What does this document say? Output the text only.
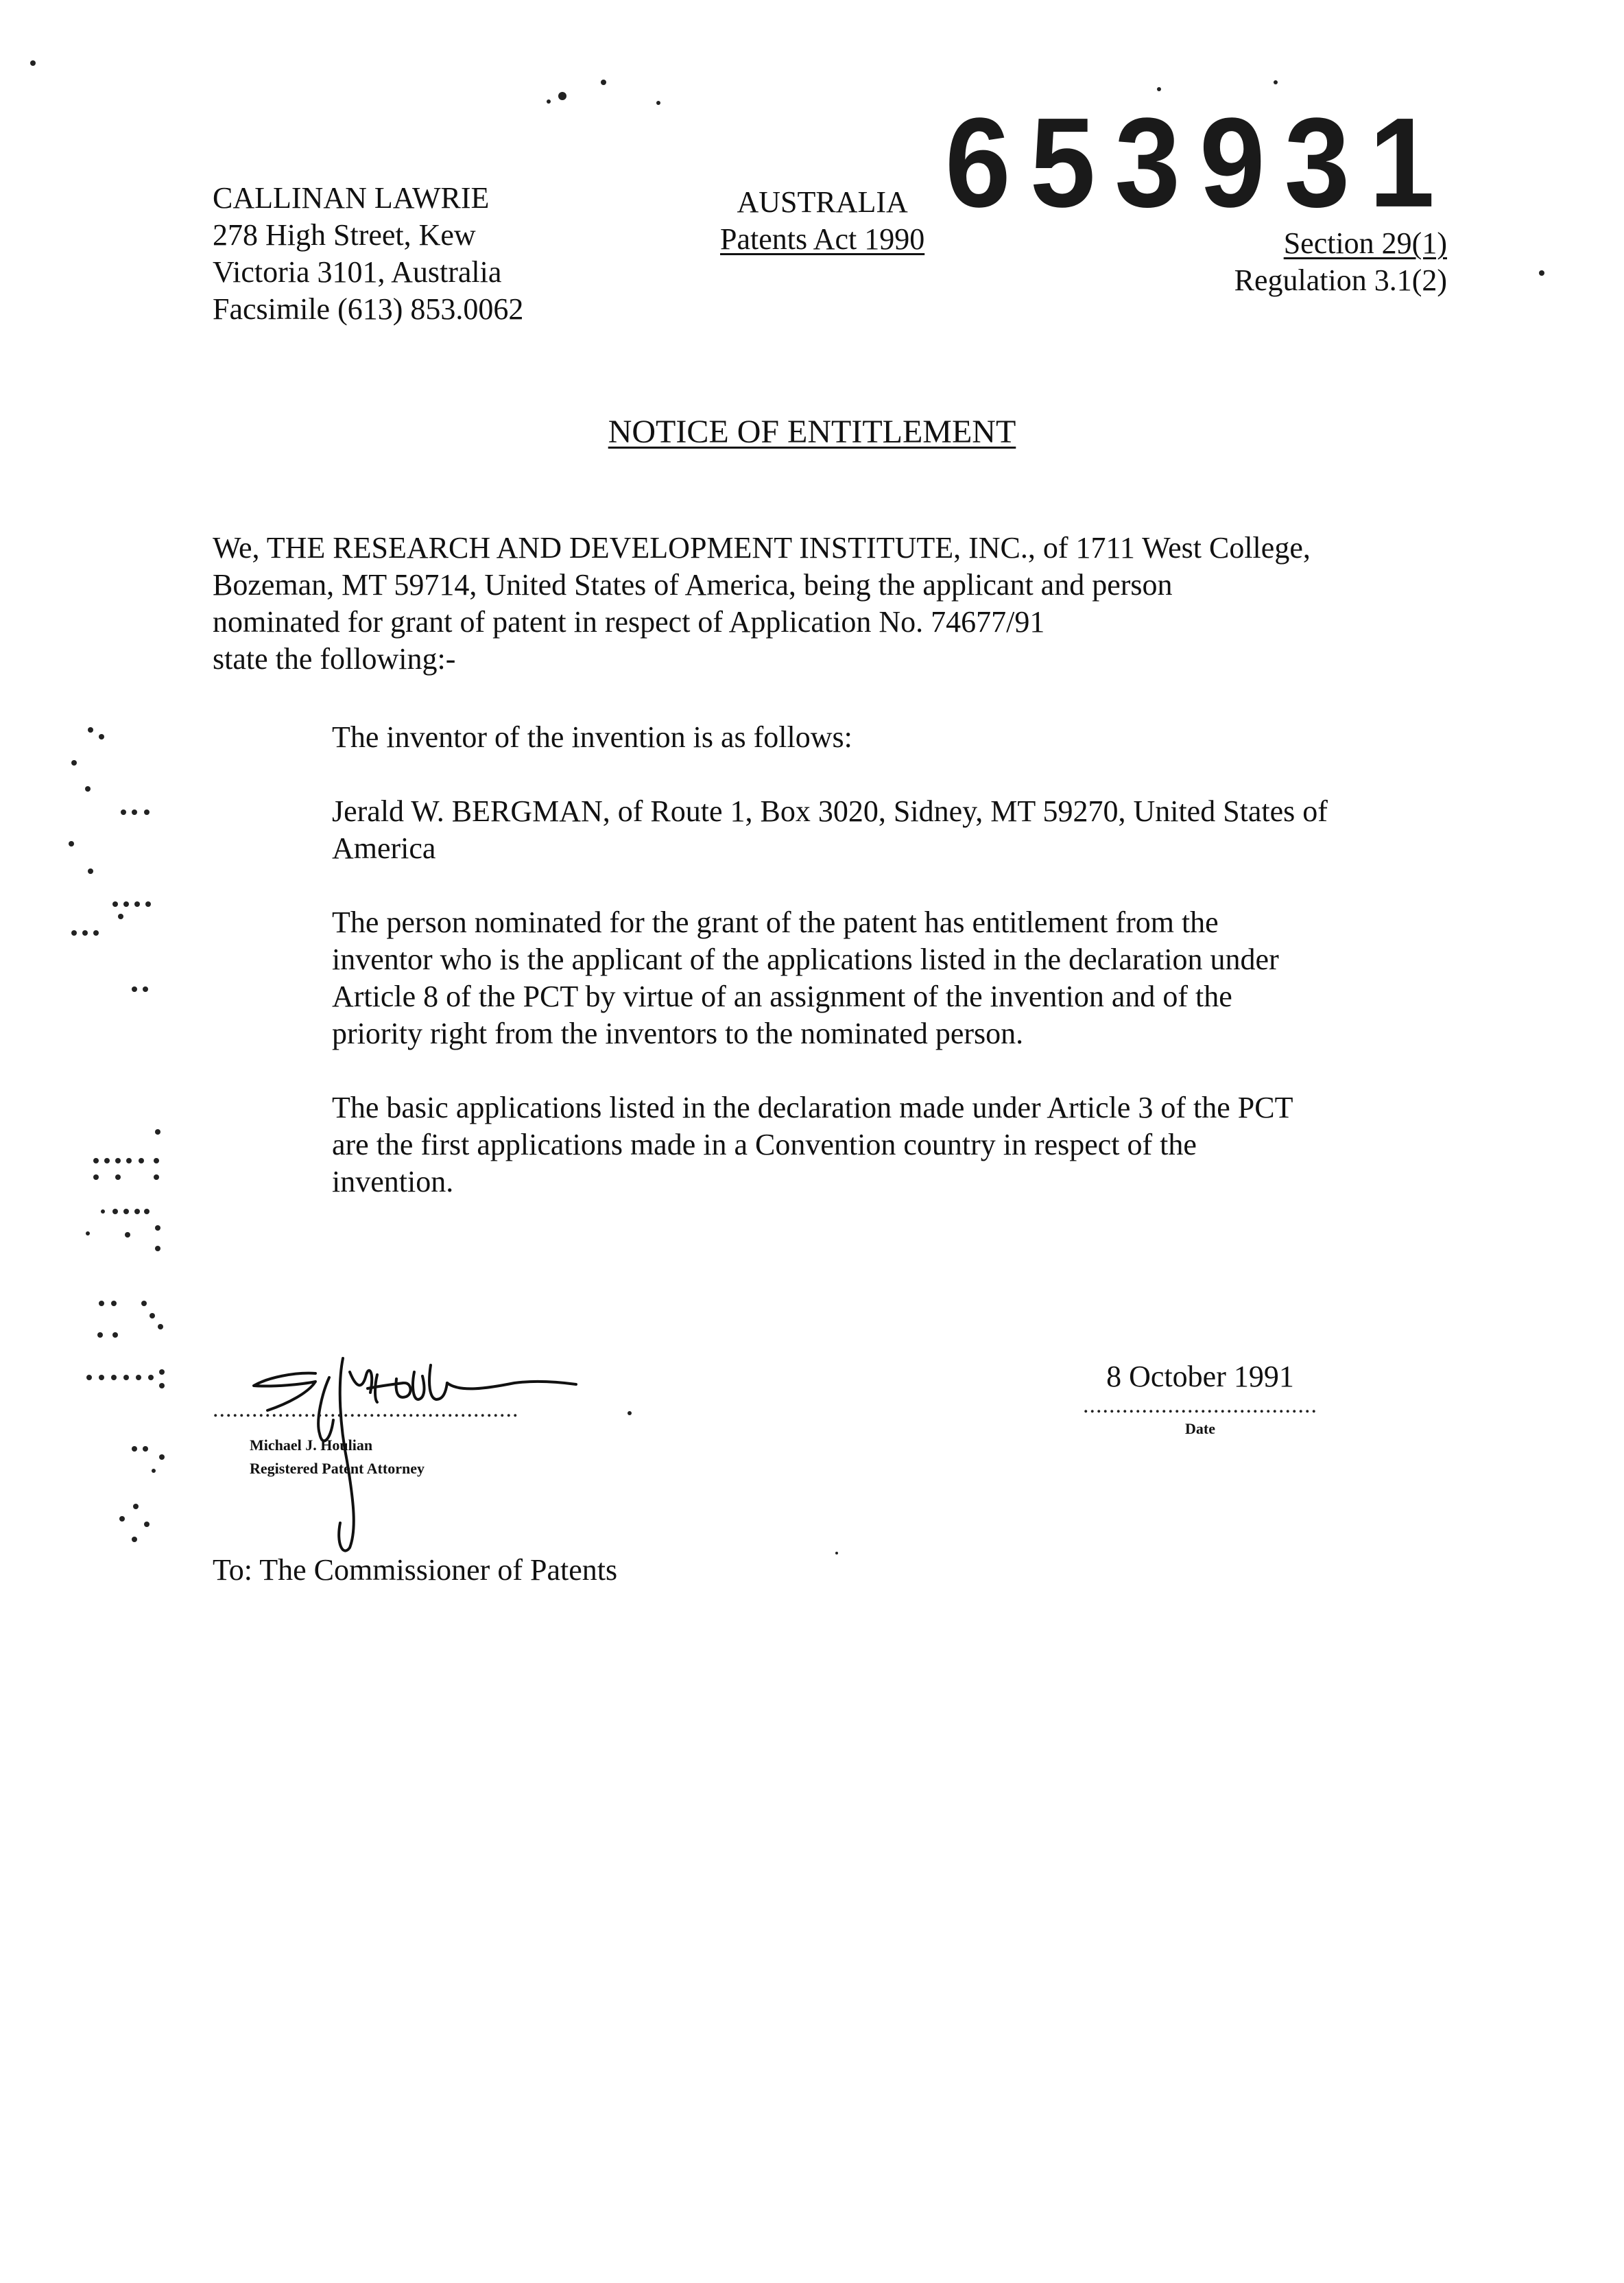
CALLINAN LAWRIE
278 High Street, Kew
Victoria 3101, Australia
Facsimile (613) 853.0062
AUSTRALIA
Patents Act 1990
653931
Section 29(1)
Regulation 3.1(2)
NOTICE OF ENTITLEMENT
We, THE RESEARCH AND DEVELOPMENT INSTITUTE, INC., of 1711 West College,
Bozeman, MT 59714, United States of America, being the applicant and person
nominated for grant of patent in respect of Application No. 74677/91
state the following:-
The inventor of the invention is as follows:
Jerald W. BERGMAN, of Route 1, Box 3020, Sidney, MT 59270, United States of
America
The person nominated for the grant of the patent has entitlement from the
inventor who is the applicant of the applications listed in the declaration under
Article 8 of the PCT by virtue of an assignment of the invention and of the
priority right from the inventors to the nominated person.
The basic applications listed in the declaration made under Article 3 of the PCT
are the first applications made in a Convention country in respect of the
invention.
...............................................
Michael J. Houlian
Registered Patent Attorney
8 October 1991
....................................
Date
To: The Commissioner of Patents
